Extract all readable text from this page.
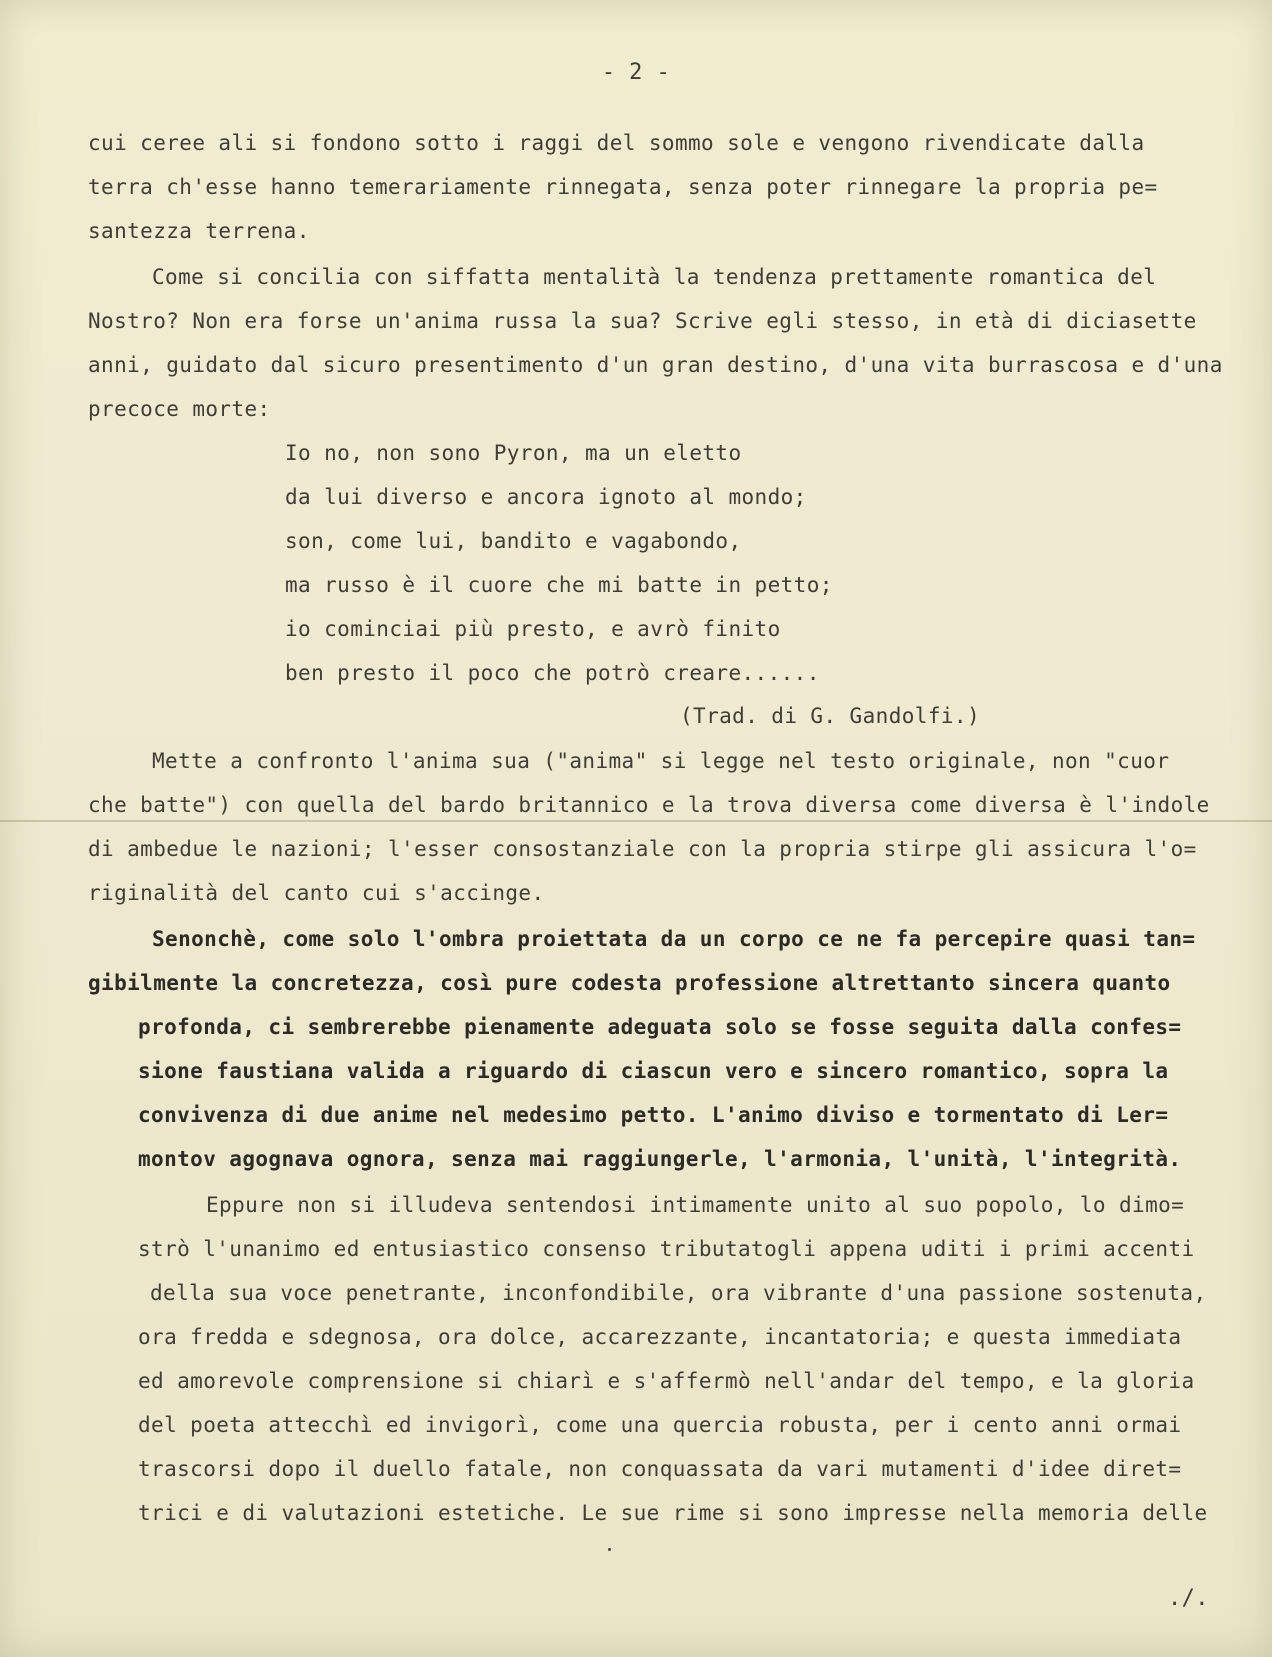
- 2 -
cui ceree ali si fondono sotto i raggi del sommo sole e vengono rivendicate dalla
terra ch'esse hanno temerariamente rinnegata, senza poter rinnegare la propria pe=
santezza terrena.
Come si concilia con siffatta mentalità la tendenza prettamente romantica del
Nostro? Non era forse un'anima russa la sua? Scrive egli stesso, in età di diciasette
anni, guidato dal sicuro presentimento d'un gran destino, d'una vita burrascosa e d'una
precoce morte:
Io no, non sono Pyron, ma un eletto
da lui diverso e ancora ignoto al mondo;
son, come lui, bandito e vagabondo,
ma russo è il cuore che mi batte in petto;
io cominciai più presto, e avrò finito
ben presto il poco che potrò creare......
(Trad. di G. Gandolfi.)
Mette a confronto l'anima sua ("anima" si legge nel testo originale, non "cuor
che batte") con quella del bardo britannico e la trova diversa come diversa è l'indole
di ambedue le nazioni; l'esser consostanziale con la propria stirpe gli assicura l'o=
riginalità del canto cui s'accinge.
Senonchè, come solo l'ombra proiettata da un corpo ce ne fa percepire quasi tan=
gibilmente la concretezza, così pure codesta professione altrettanto sincera quanto
profonda, ci sembrerebbe pienamente adeguata solo se fosse seguita dalla confes=
sione faustiana valida a riguardo di ciascun vero e sincero romantico, sopra la
convivenza di due anime nel medesimo petto. L'animo diviso e tormentato di Ler=
montov agognava ognora, senza mai raggiungerle, l'armonia, l'unità, l'integrità.
Eppure non si illudeva sentendosi intimamente unito al suo popolo, lo dimo=
strò l'unanimo ed entusiastico consenso tributatogli appena uditi i primi accenti
della sua voce penetrante, inconfondibile, ora vibrante d'una passione sostenuta,
ora fredda e sdegnosa, ora dolce, accarezzante, incantatoria; e questa immediata
ed amorevole comprensione si chiarì e s'affermò nell'andar del tempo, e la gloria
del poeta attecchì ed invigorì, come una quercia robusta, per i cento anni ormai
trascorsi dopo il duello fatale, non conquassata da vari mutamenti d'idee diret=
trici e di valutazioni estetiche. Le sue rime si sono impresse nella memoria delle
./.
